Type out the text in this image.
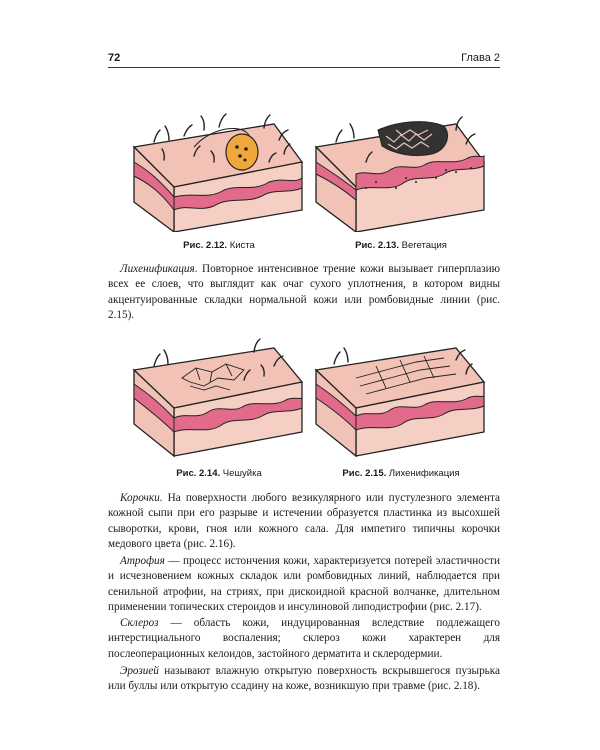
72	Глава 2
Рис. 2.12. Киста	Рис. 2.13. Вегетация

Лихенификация. Повторное интенсивное трение кожи вызывает гиперплазию всех ее слоев, что выглядит как очаг сухого уплотнения, в котором видны акцентуированные складки нормальной кожи или ромбовидные линии (рис. 2.15).

Рис. 2.14. Чешуйка	Рис. 2.15. Лихенификация

Корочки. На поверхности любого везикулярного или пустулезного элемента кожной сыпи при его разрыве и истечении образуется пластинка из высохшей сыворотки, крови, гноя или кожного сала. Для импетиго типичны корочки медового цвета (рис. 2.16).

Атрофия — процесс истончения кожи, характеризуется потерей эластичности и исчезновением кожных складок или ромбовидных линий, наблюдается при сенильной атрофии, на стриях, при дискоидной красной волчанке, длительном применении топических стероидов и инсулиновой липодистрофии (рис. 2.17).

Склероз — область кожи, индуцированная вследствие подлежащего интерстициального воспаления; склероз кожи характерен для послеоперационных келоидов, застойного дерматита и склеродермии.

Эрозией называют влажную открытую поверхность вскрывшегося пузырька или буллы или открытую ссадину на коже, возникшую при травме (рис. 2.18).
